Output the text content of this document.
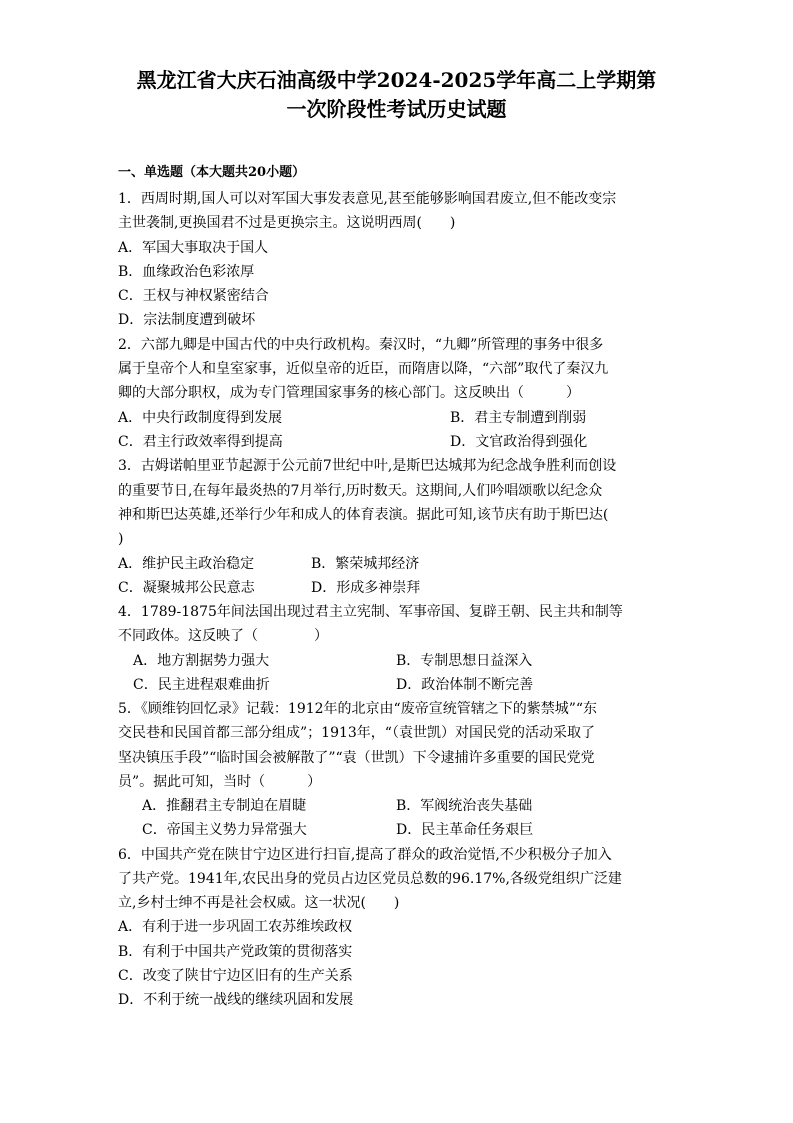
黑龙江省大庆石油高级中学2024-2025学年高二上学期第
一次阶段性考试历史试题
一、单选题（本大题共20小题）
1．西周时期,国人可以对军国大事发表意见,甚至能够影响国君废立,但不能改变宗
主世袭制,更换国君不过是更换宗主。这说明西周(　　)
A．军国大事取决于国人
B．血缘政治色彩浓厚
C．王权与神权紧密结合
D．宗法制度遭到破坏
2．六部九卿是中国古代的中央行政机构。秦汉时，“九卿”所管理的事务中很多
属于皇帝个人和皇室家事，近似皇帝的近臣，而隋唐以降，“六部”取代了秦汉九
卿的大部分职权，成为专门管理国家事务的核心部门。这反映出（　　　）
A．中央行政制度得到发展	B．君主专制遭到削弱
C．君主行政效率得到提高	D．文官政治得到强化
3．古姆诺帕里亚节起源于公元前7世纪中叶,是斯巴达城邦为纪念战争胜利而创设
的重要节日,在每年最炎热的7月举行,历时数天。这期间,人们吟唱颂歌以纪念众
神和斯巴达英雄,还举行少年和成人的体育表演。据此可知,该节庆有助于斯巴达(
)
A．维护民主政治稳定	B．繁荣城邦经济
C．凝聚城邦公民意志	D．形成多神崇拜
4．1789-1875年间法国出现过君主立宪制、军事帝国、复辟王朝、民主共和制等
不同政体。这反映了（　　　　）
A．地方割据势力强大	B．专制思想日益深入
C．民主进程艰难曲折	D．政治体制不断完善
5．《顾维钧回忆录》记载：1912年的北京由“废帝宣统管辖之下的紫禁城”“东
交民巷和民国首都三部分组成”；1913年，“（袁世凯）对国民党的活动采取了
坚决镇压手段”“临时国会被解散了”“袁（世凯）下令逮捕许多重要的国民党党
员”。据此可知，当时（　　　）
A．推翻君主专制迫在眉睫	B．军阀统治丧失基础
C．帝国主义势力异常强大	D．民主革命任务艰巨
6．中国共产党在陕甘宁边区进行扫盲,提高了群众的政治觉悟,不少积极分子加入
了共产党。1941年,农民出身的党员占边区党员总数的96.17%,各级党组织广泛建
立,乡村士绅不再是社会权威。这一状况(　　)
A．有利于进一步巩固工农苏维埃政权
B．有利于中国共产党政策的贯彻落实
C．改变了陕甘宁边区旧有的生产关系
D．不利于统一战线的继续巩固和发展
